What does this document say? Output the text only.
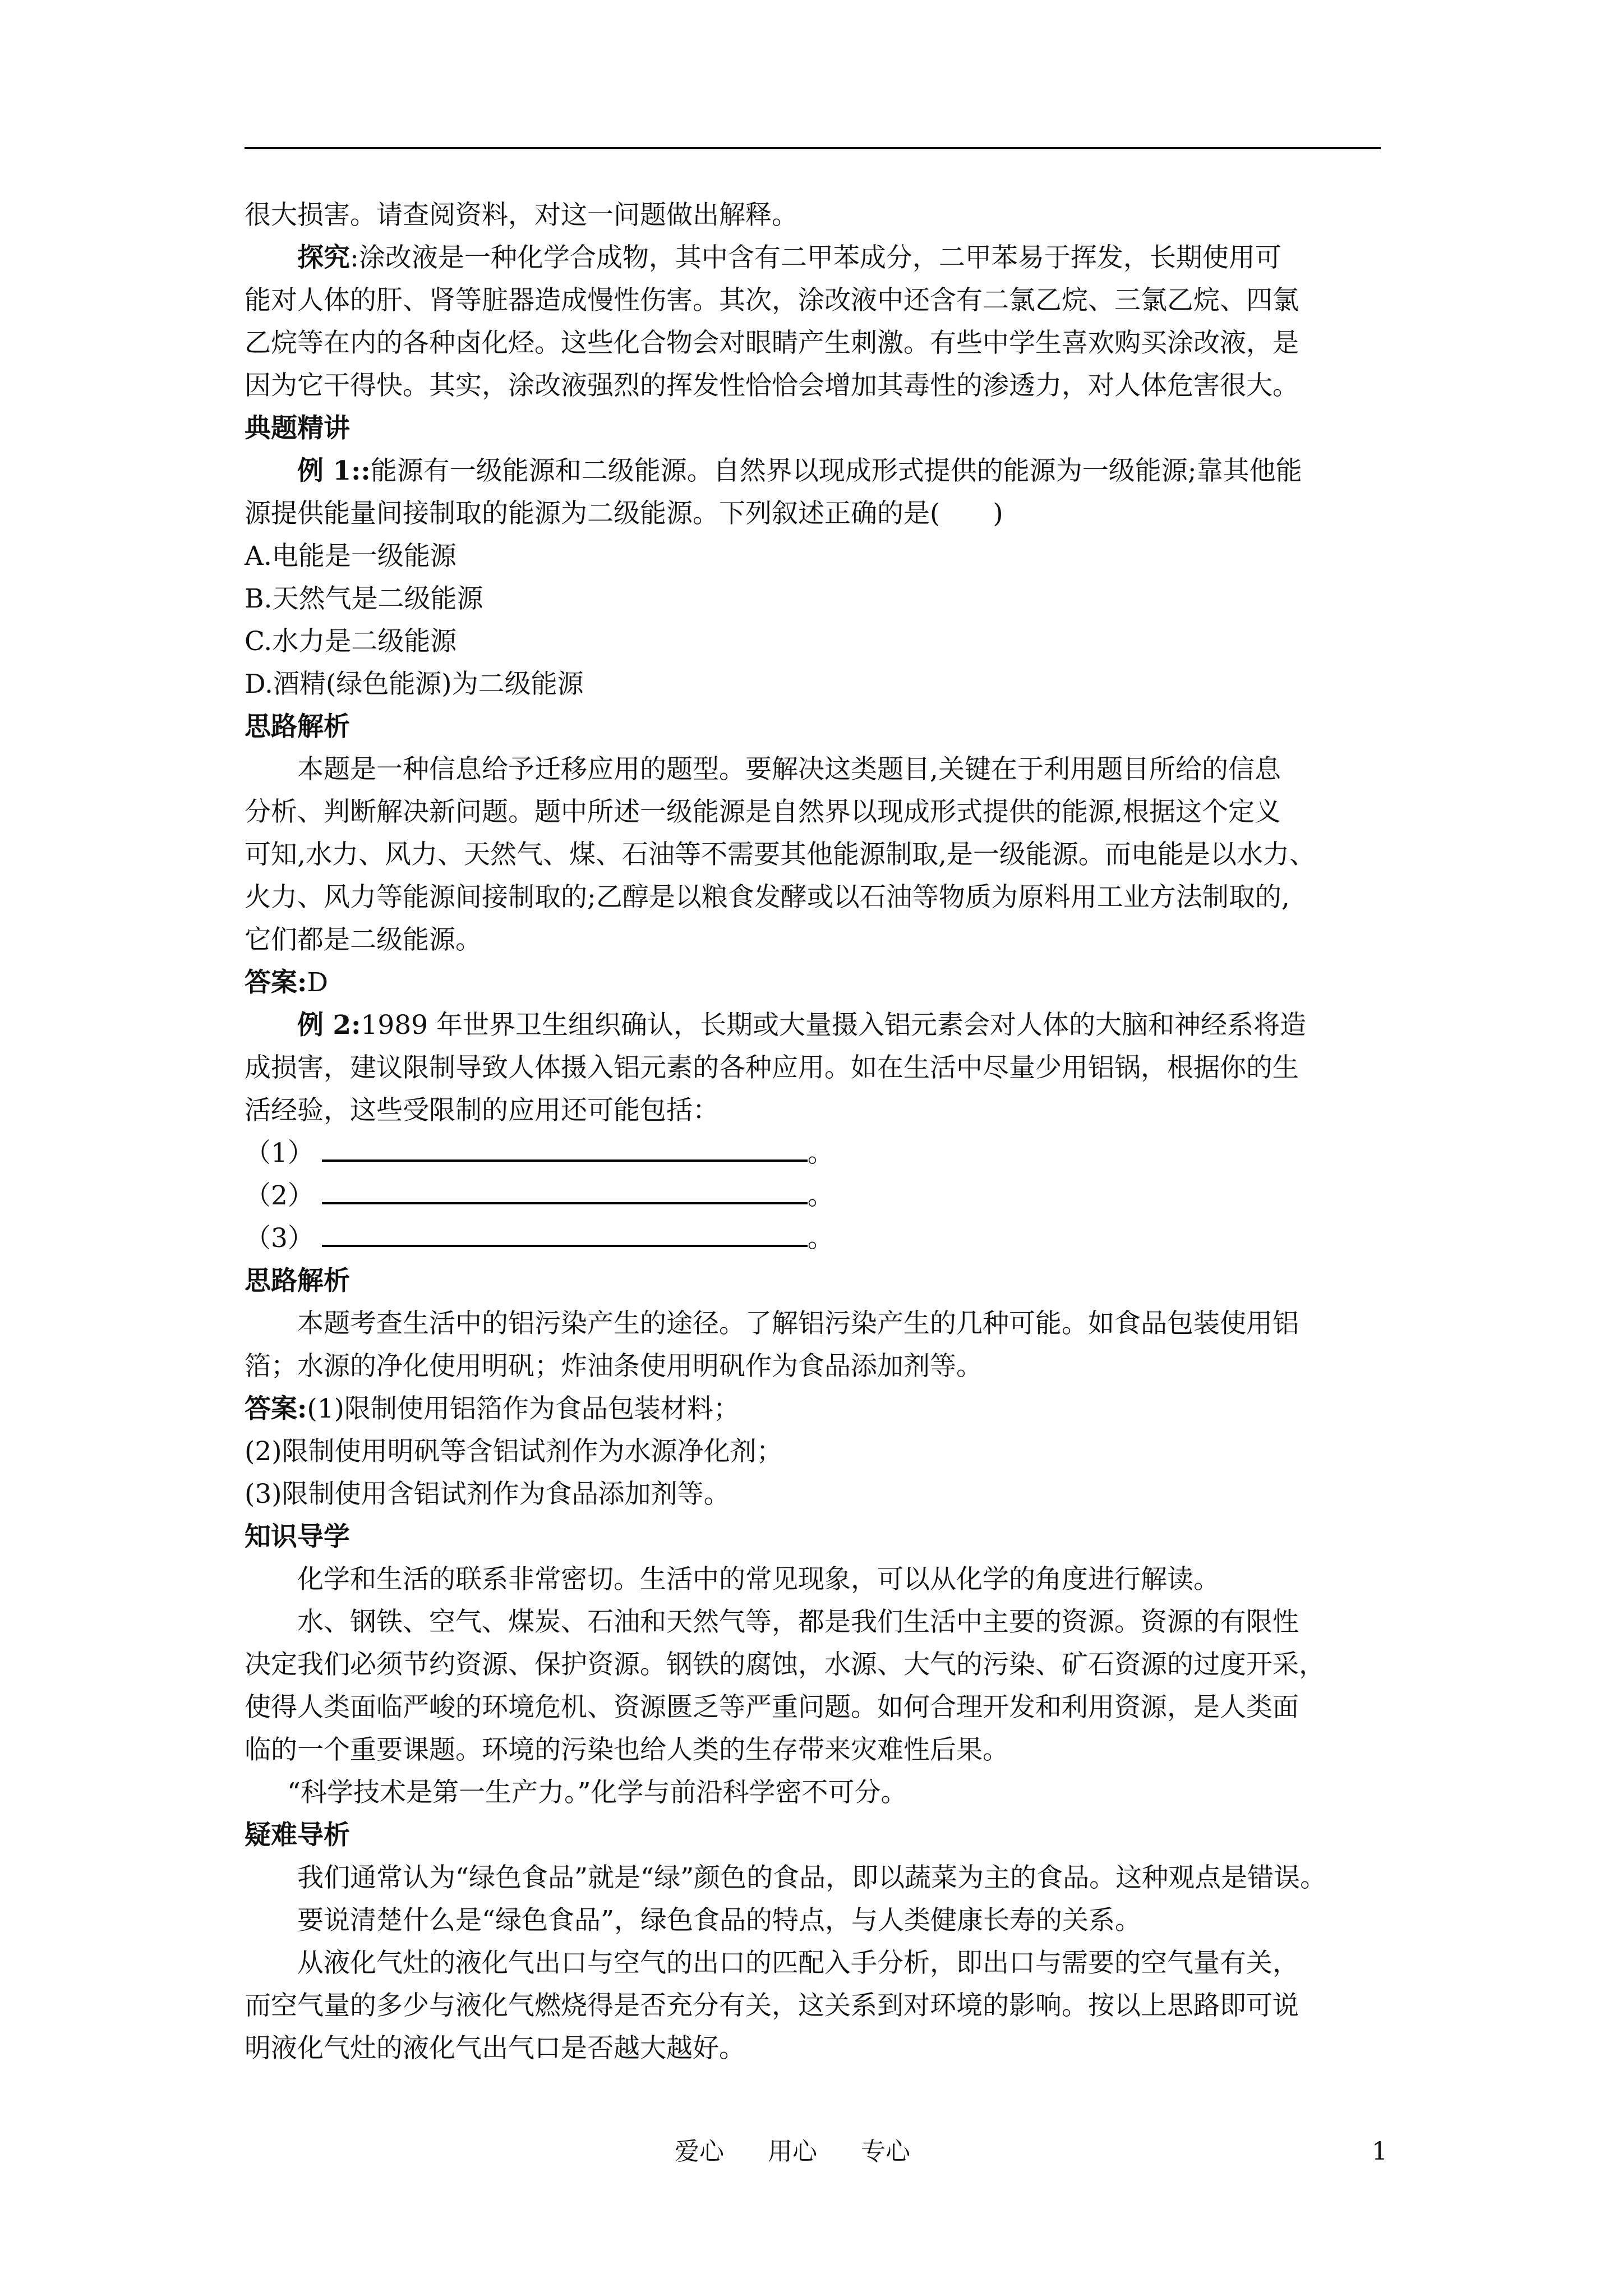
很大损害。请查阅资料，对这一问题做出解释。

探究:涂改液是一种化学合成物，其中含有二甲苯成分，二甲苯易于挥发，长期使用可

能对人体的肝、肾等脏器造成慢性伤害。其次，涂改液中还含有二氯乙烷、三氯乙烷、四氯

乙烷等在内的各种卤化烃。这些化合物会对眼睛产生刺激。有些中学生喜欢购买涂改液，是

因为它干得快。其实，涂改液强烈的挥发性恰恰会增加其毒性的渗透力，对人体危害很大。

典题精讲

例 1::能源有一级能源和二级能源。自然界以现成形式提供的能源为一级能源;靠其他能

源提供能量间接制取的能源为二级能源。下列叙述正确的是(　　)

A.电能是一级能源

B.天然气是二级能源

C.水力是二级能源

D.酒精(绿色能源)为二级能源

思路解析

本题是一种信息给予迁移应用的题型。要解决这类题目,关键在于利用题目所给的信息

分析、判断解决新问题。题中所述一级能源是自然界以现成形式提供的能源,根据这个定义

可知,水力、风力、天然气、煤、石油等不需要其他能源制取,是一级能源。而电能是以水力、

火力、风力等能源间接制取的;乙醇是以粮食发酵或以石油等物质为原料用工业方法制取的,

它们都是二级能源。

答案:D

例 2:1989 年世界卫生组织确认，长期或大量摄入铝元素会对人体的大脑和神经系将造

成损害，建议限制导致人体摄入铝元素的各种应用。如在生活中尽量少用铝锅，根据你的生

活经验，这些受限制的应用还可能包括：

（1）	。

（2）	。

（3）	。

思路解析

本题考查生活中的铝污染产生的途径。了解铝污染产生的几种可能。如食品包装使用铝

箔；水源的净化使用明矾；炸油条使用明矾作为食品添加剂等。

答案:(1)限制使用铝箔作为食品包装材料；

(2)限制使用明矾等含铝试剂作为水源净化剂；

(3)限制使用含铝试剂作为食品添加剂等。

知识导学

化学和生活的联系非常密切。生活中的常见现象，可以从化学的角度进行解读。

水、钢铁、空气、煤炭、石油和天然气等，都是我们生活中主要的资源。资源的有限性

决定我们必须节约资源、保护资源。钢铁的腐蚀，水源、大气的污染、矿石资源的过度开采，

使得人类面临严峻的环境危机、资源匮乏等严重问题。如何合理开发和利用资源，是人类面

临的一个重要课题。环境的污染也给人类的生存带来灾难性后果。

“科学技术是第一生产力。”化学与前沿科学密不可分。

疑难导析

我们通常认为“绿色食品”就是“绿”颜色的食品，即以蔬菜为主的食品。这种观点是错误。

要说清楚什么是“绿色食品”，绿色食品的特点，与人类健康长寿的关系。

从液化气灶的液化气出口与空气的出口的匹配入手分析，即出口与需要的空气量有关，

而空气量的多少与液化气燃烧得是否充分有关，这关系到对环境的影响。按以上思路即可说

明液化气灶的液化气出气口是否越大越好。

爱心 用心 专心	1
